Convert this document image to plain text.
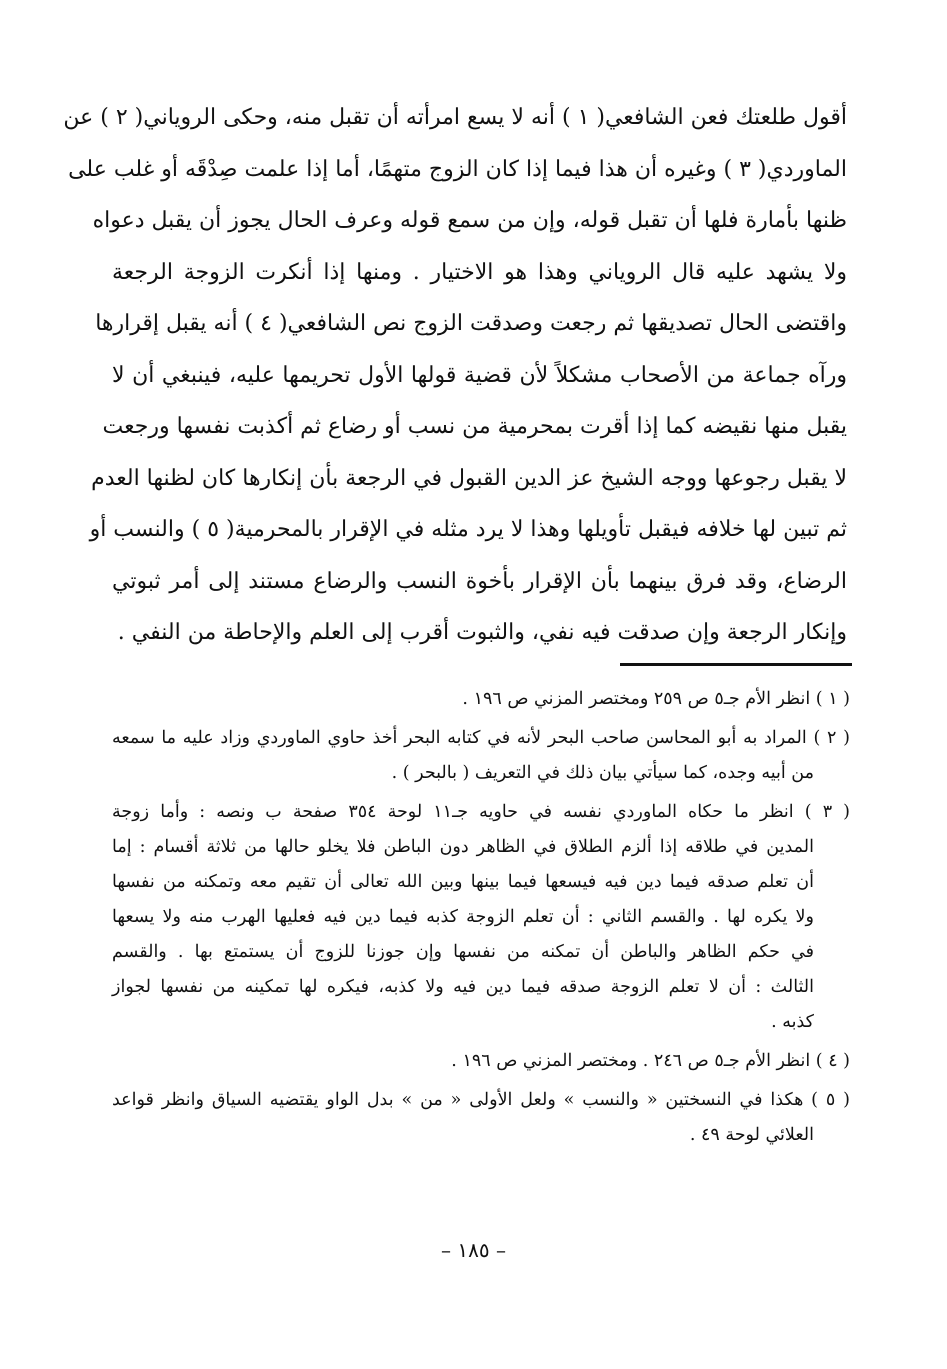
أقول طلعتك فعن الشافعي( ١ ) أنه لا يسع امرأته أن تقبل منه، وحكى الروياني( ٢ ) عن
الماوردي( ٣ ) وغيره أن هذا فيما إذا كان الزوج متهمًا، أما إذا علمت صِدْقَه أو غلب على
ظنها بأمارة فلها أن تقبل قوله، وإن من سمع قوله وعرف الحال يجوز أن يقبل دعواه
ولا يشهد عليه قال الروياني وهذا هو الاختيار . ومنها إذا أنكرت الزوجة الرجعة
واقتضى الحال تصديقها ثم رجعت وصدقت الزوج نص الشافعي( ٤ ) أنه يقبل إقرارها
ورآه جماعة من الأصحاب مشكلاً لأن قضية قولها الأول تحريمها عليه، فينبغي أن لا
يقبل منها نقيضه كما إذا أقرت بمحرمية من نسب أو رضاع ثم أكذبت نفسها ورجعت
لا يقبل رجوعها ووجه الشيخ عز الدين القبول في الرجعة بأن إنكارها كان لظنها العدم
ثم تبين لها خلافه فيقبل تأويلها وهذا لا يرد مثله في الإقرار بالمحرمية( ٥ ) والنسب أو
الرضاع، وقد فرق بينهما بأن الإقرار بأخوة النسب والرضاع مستند إلى أمر ثبوتي
وإنكار الرجعة وإن صدقت فيه نفي، والثبوت أقرب إلى العلم والإحاطة من النفي .
( ١ ) انظر الأم جـ٥ ص ٢٥٩ ومختصر المزني ص ١٩٦ .
( ٢ ) المراد به أبو المحاسن صاحب البحر لأنه في كتابه البحر أخذ حاوي الماوردي وزاد عليه ما سمعه
من أبيه وجده، كما سيأتي بيان ذلك في التعريف ( بالبحر ) .
( ٣ ) انظر ما حكاه الماوردي نفسه في حاويه جـ١١ لوحة ٣٥٤ صفحة ب ونصه : وأما زوجة
المدين في طلاقه إذا ألزم الطلاق في الظاهر دون الباطن فلا يخلو حالها من ثلاثة أقسام : إما
أن تعلم صدقه فيما دين فيه فيسعها فيما بينها وبين الله تعالى أن تقيم معه وتمكنه من نفسها
ولا يكره لها . والقسم الثاني : أن تعلم الزوجة كذبه فيما دين فيه فعليها الهرب منه ولا يسعها
في حكم الظاهر والباطن أن تمكنه من نفسها وإن جوزنا للزوج أن يستمتع بها . والقسم
الثالث : أن لا تعلم الزوجة صدقه فيما دين فيه ولا كذبه، فيكره لها تمكينه من نفسها لجواز
كذبه .
( ٤ ) انظر الأم جـ٥ ص ٢٤٦ . ومختصر المزني ص ١٩٦ .
( ٥ ) هكذا في النسختين « والنسب » ولعل الأولى « من » بدل الواو يقتضيه السياق وانظر قواعد
العلائي لوحة ٤٩ .
– ١٨٥ –
